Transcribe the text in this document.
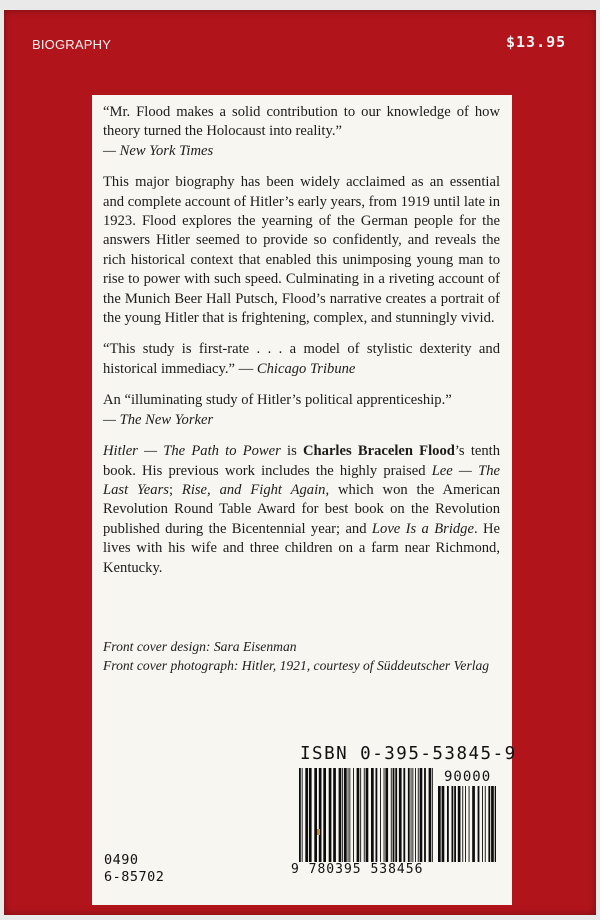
BIOGRAPHY	$13.95

“Mr. Flood makes a solid contribution to our knowledge of how theory turned the Holocaust into reality.”

— New York Times

This major biography has been widely acclaimed as an essential and complete account of Hitler’s early years, from 1919 until late in 1923. Flood explores the yearning of the German people for the answers Hitler seemed to provide so confidently, and reveals the rich historical context that enabled this unimposing young man to rise to power with such speed. Culminating in a riveting account of the Munich Beer Hall Putsch, Flood’s narrative creates a portrait of the young Hitler that is frightening, complex, and stunningly vivid.

“This study is first-rate . . . a model of stylistic dexterity and historical immediacy.” — Chicago Tribune

An “illuminating study of Hitler’s political apprenticeship.”

— The New Yorker

Hitler — The Path to Power is Charles Bracelen Flood’s tenth book. His previous work includes the highly praised Lee — The Last Years; Rise, and Fight Again, which won the American Revolution Round Table Award for best book on the Revolution published during the Bicentennial year; and Love Is a Bridge. He lives with his wife and three children on a farm near Richmond, Kentucky.

Front cover design: Sara Eisenman
Front cover photograph: Hitler, 1921, courtesy of Süddeutscher Verlag
ISBN 0-395-53845-9
90000
9 780395 538456
0490
6-85702
